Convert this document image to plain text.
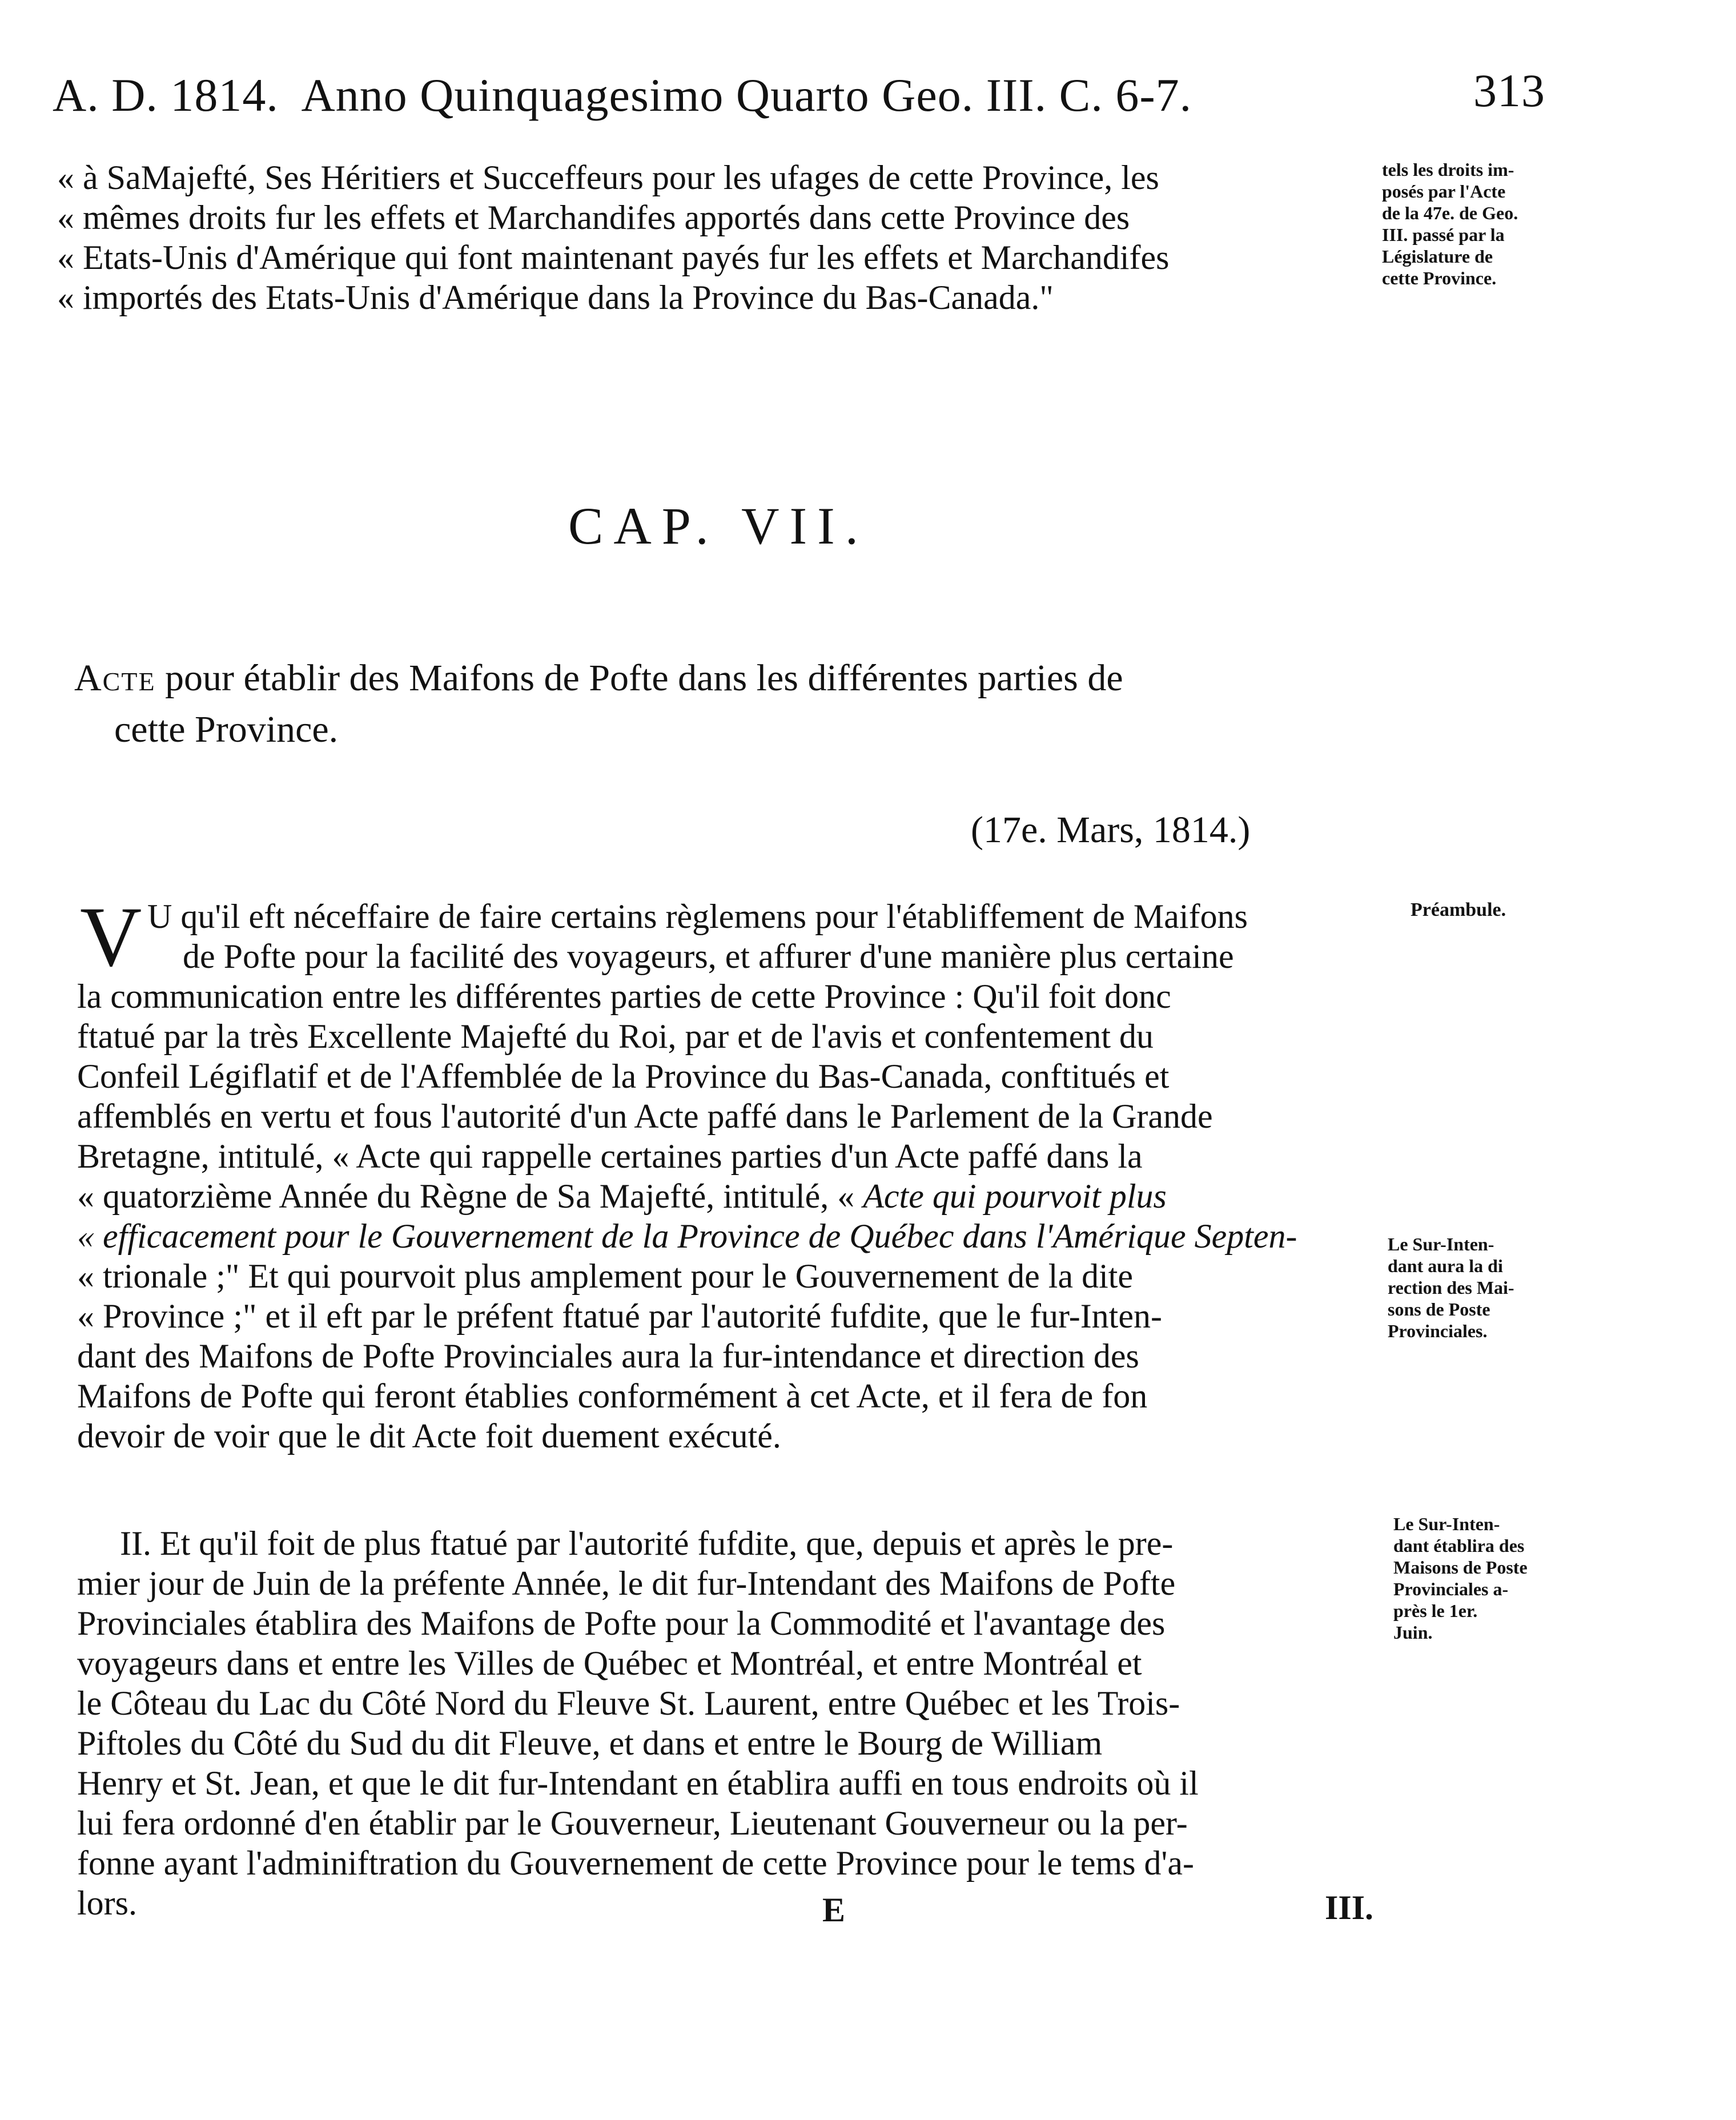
A. D. 1814. Anno Quinquagesimo Quarto Geo. III. C. 6-7.	313
« à SaMajefté, Ses Héritiers et Succeffeurs pour les ufages de cette Province, les
« mêmes droits fur les effets et Marchandifes apportés dans cette Province des
« Etats-Unis d'Amérique qui font maintenant payés fur les effets et Marchandifes
« importés des Etats-Unis d'Amérique dans la Province du Bas-Canada."
tels les droits im-
posés par l'Acte
de la 47e. de Geo.
III. passé par la
Législature de
cette Province.
CAP. VII.
Acte pour établir des Maifons de Pofte dans les différentes parties de
cette Province.
(17e. Mars, 1814.)
V	Préambule.
U qu'il eft néceffaire de faire certains règlemens pour l'établiffement de Maifons
de Pofte pour la facilité des voyageurs, et affurer d'une manière plus certaine
la communication entre les différentes parties de cette Province : Qu'il foit donc
ftatué par la très Excellente Majefté du Roi, par et de l'avis et confentement du
Confeil Légiflatif et de l'Affemblée de la Province du Bas-Canada, conftitués et
affemblés en vertu et fous l'autorité d'un Acte paffé dans le Parlement de la Grande
Bretagne, intitulé, « Acte qui rappelle certaines parties d'un Acte paffé dans la
« quatorzième Année du Règne de Sa Majefté, intitulé, « Acte qui pourvoit plus
« efficacement pour le Gouvernement de la Province de Québec dans l'Amérique Septen-
« trionale ;" Et qui pourvoit plus amplement pour le Gouvernement de la dite
« Province ;" et il eft par le préfent ftatué par l'autorité fufdite, que le fur-Inten-
dant des Maifons de Pofte Provinciales aura la fur-intendance et direction des
Maifons de Pofte qui feront établies conformément à cet Acte, et il fera de fon
devoir de voir que le dit Acte foit duement exécuté.
Le Sur-Inten-
dant aura la di
rection des Mai-
sons de Poste
Provinciales.
II. Et qu'il foit de plus ftatué par l'autorité fufdite, que, depuis et après le pre-
mier jour de Juin de la préfente Année, le dit fur-Intendant des Maifons de Pofte
Provinciales établira des Maifons de Pofte pour la Commodité et l'avantage des
voyageurs dans et entre les Villes de Québec et Montréal, et entre Montréal et
le Côteau du Lac du Côté Nord du Fleuve St. Laurent, entre Québec et les Trois-
Piftoles du Côté du Sud du dit Fleuve, et dans et entre le Bourg de William
Henry et St. Jean, et que le dit fur-Intendant en établira auffi en tous endroits où il
lui fera ordonné d'en établir par le Gouverneur, Lieutenant Gouverneur ou la per-
fonne ayant l'adminiftration du Gouvernement de cette Province pour le tems d'a-
lors.
Le Sur-Inten-
dant établira des
Maisons de Poste
Provinciales a-
près le 1er.
Juin.
E	III.
